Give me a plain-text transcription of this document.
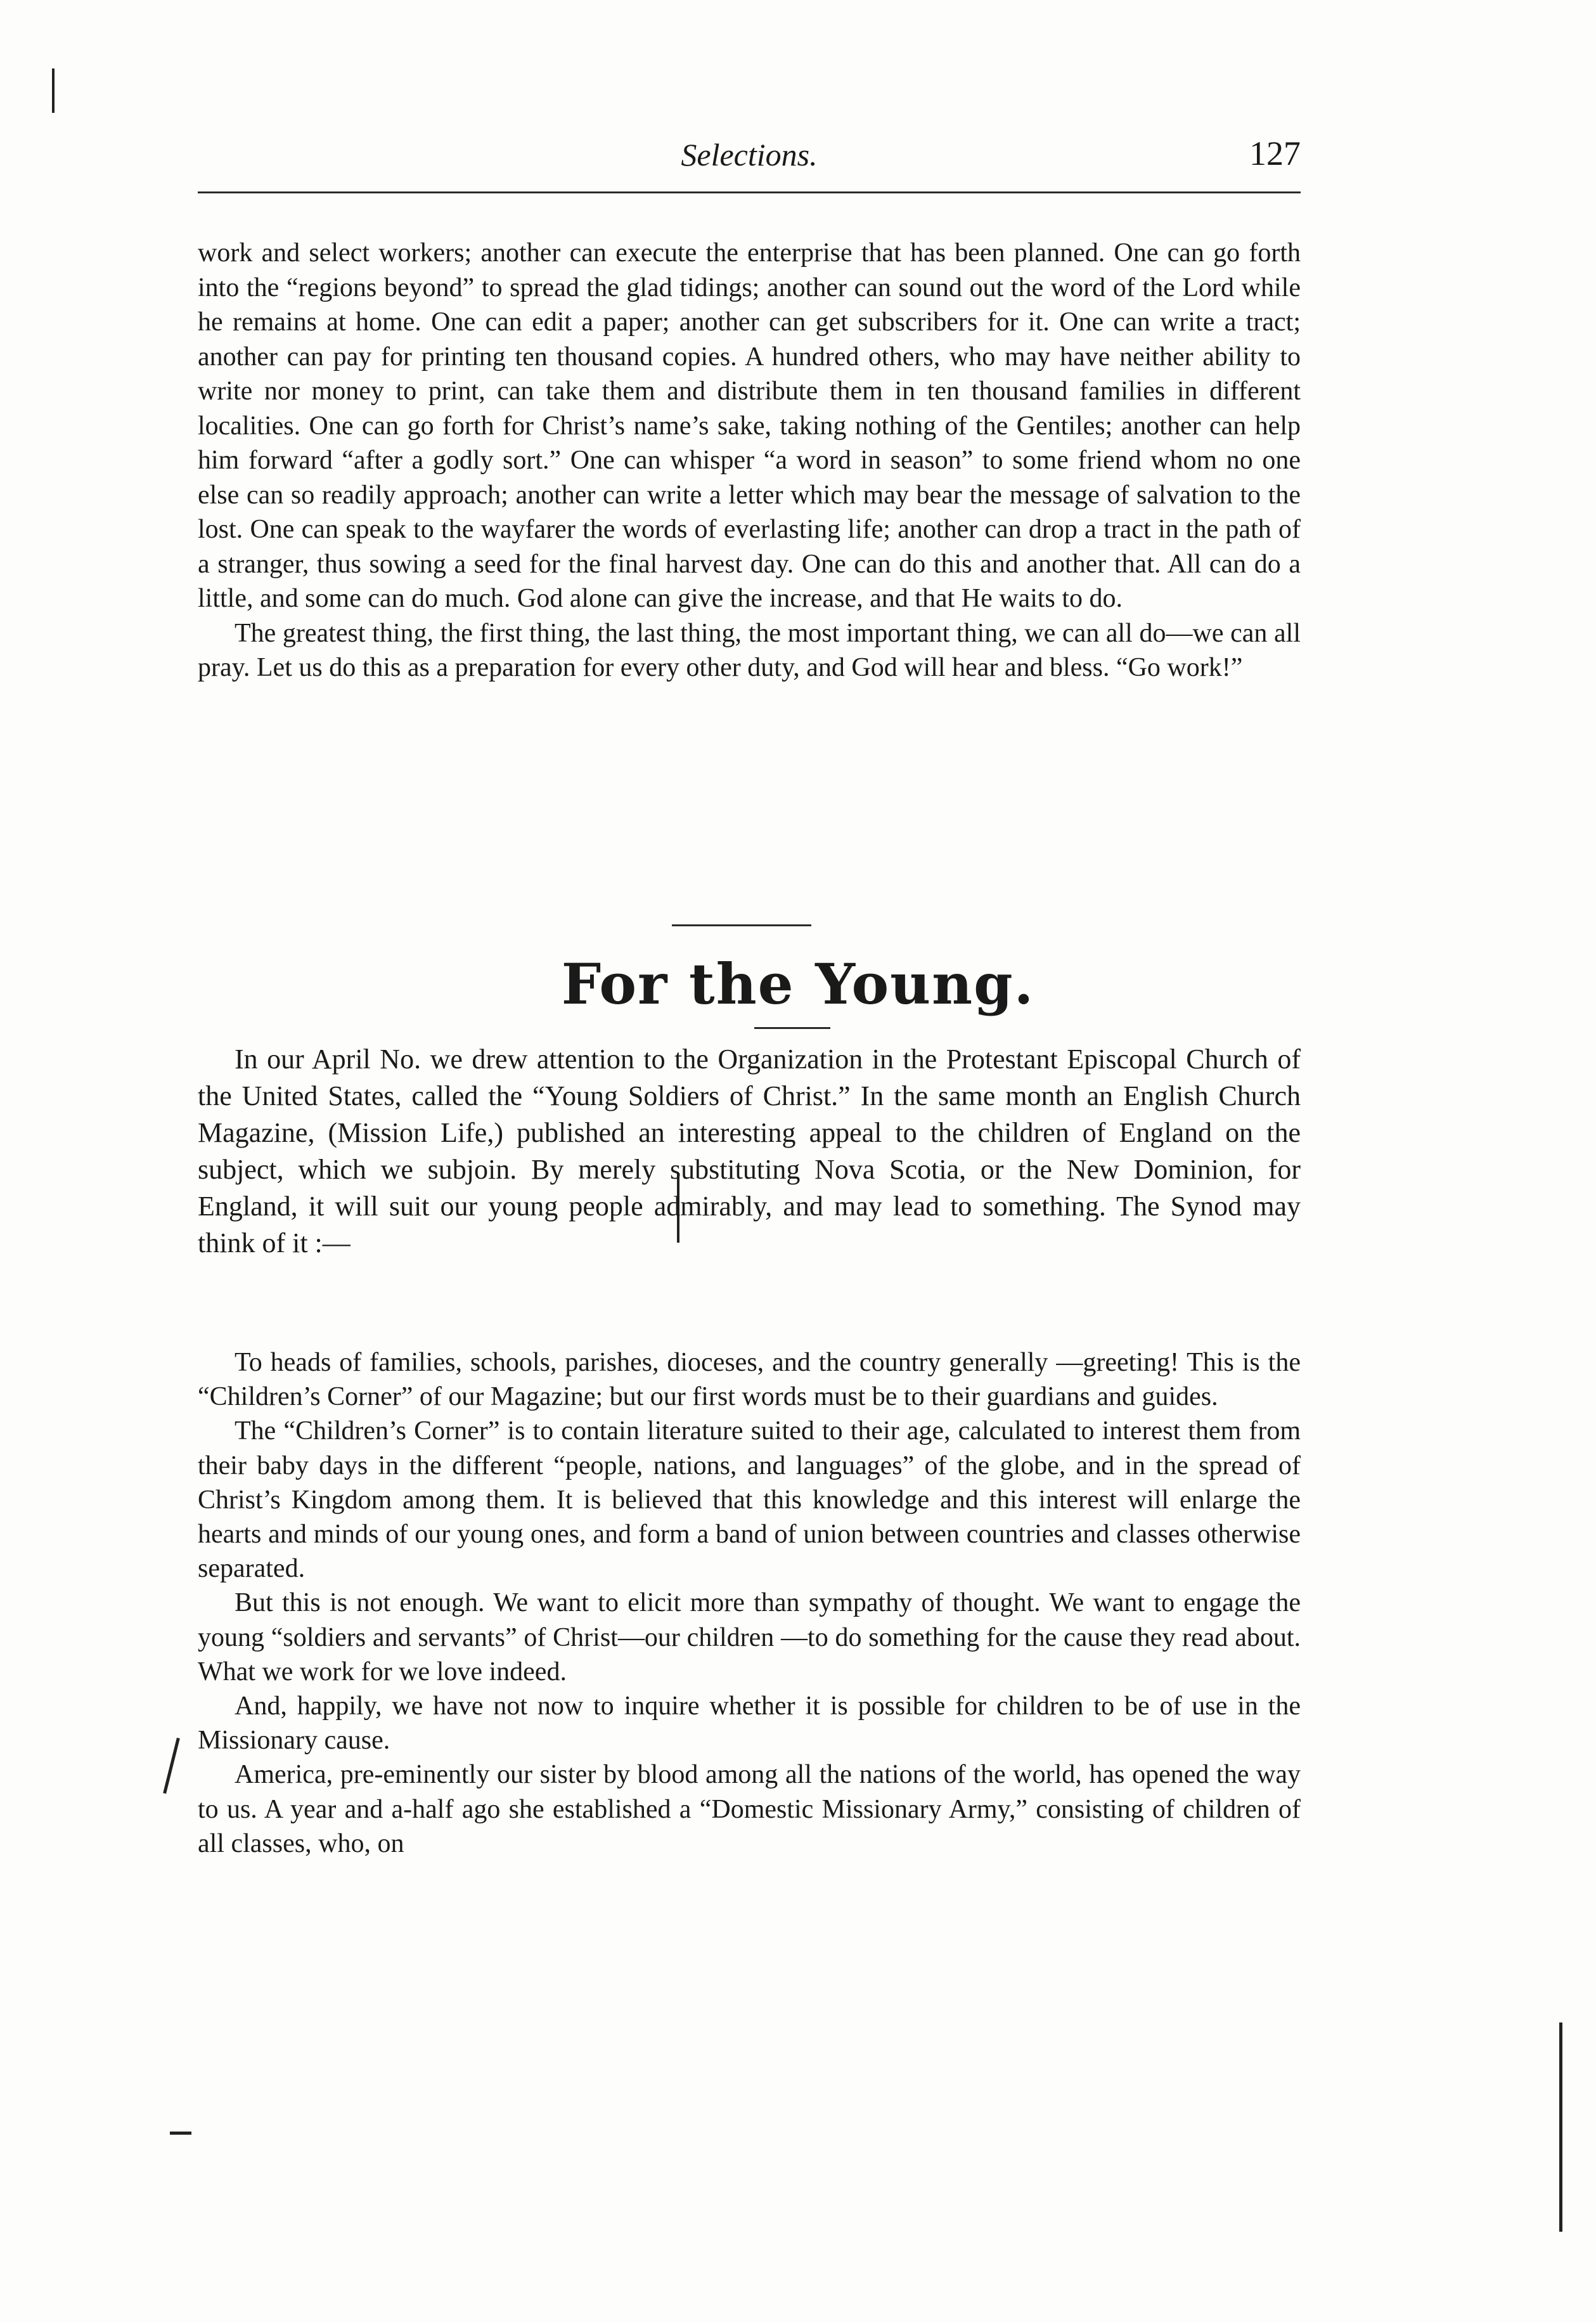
Selections.	127

work and select workers; another can execute the enterprise that has been planned. One can go forth into the “regions beyond” to spread the glad tidings; another can sound out the word of the Lord while he remains at home. One can edit a paper; another can get subscribers for it. One can write a tract; another can pay for printing ten thousand copies. A hundred others, who may have neither ability to write nor money to print, can take them and distribute them in ten thousand families in different localities. One can go forth for Christ’s name’s sake, taking nothing of the Gentiles; another can help him forward “after a godly sort.” One can whisper “a word in season” to some friend whom no one else can so readily approach; another can write a letter which may bear the message of salvation to the lost. One can speak to the wayfarer the words of everlasting life; another can drop a tract in the path of a stranger, thus sowing a seed for the final harvest day. One can do this and another that. All can do a little, and some can do much. God alone can give the increase, and that He waits to do.

The greatest thing, the first thing, the last thing, the most important thing, we can all do—we can all pray. Let us do this as a preparation for every other duty, and God will hear and bless. “Go work!”

For the Young.

In our April No. we drew attention to the Organization in the Protestant Episcopal Church of the United States, called the “Young Soldiers of Christ.” In the same month an English Church Magazine, (Mission Life,) published an interesting appeal to the children of England on the subject, which we subjoin. By merely substituting Nova Scotia, or the New Dominion, for England, it will suit our young people admirably, and may lead to something. The Synod may think of it :—

To heads of families, schools, parishes, dioceses, and the country generally —greeting! This is the “Children’s Corner” of our Magazine; but our first words must be to their guardians and guides.

The “Children’s Corner” is to contain literature suited to their age, calculated to interest them from their baby days in the different “people, nations, and languages” of the globe, and in the spread of Christ’s Kingdom among them. It is believed that this knowledge and this interest will enlarge the hearts and minds of our young ones, and form a band of union between countries and classes otherwise separated.

But this is not enough. We want to elicit more than sympathy of thought. We want to engage the young “soldiers and servants” of Christ—our children —to do something for the cause they read about. What we work for we love indeed.

And, happily, we have not now to inquire whether it is possible for children to be of use in the Missionary cause.

America, pre-eminently our sister by blood among all the nations of the world, has opened the way to us. A year and a-half ago she established a “Domestic Missionary Army,” consisting of children of all classes, who, on
